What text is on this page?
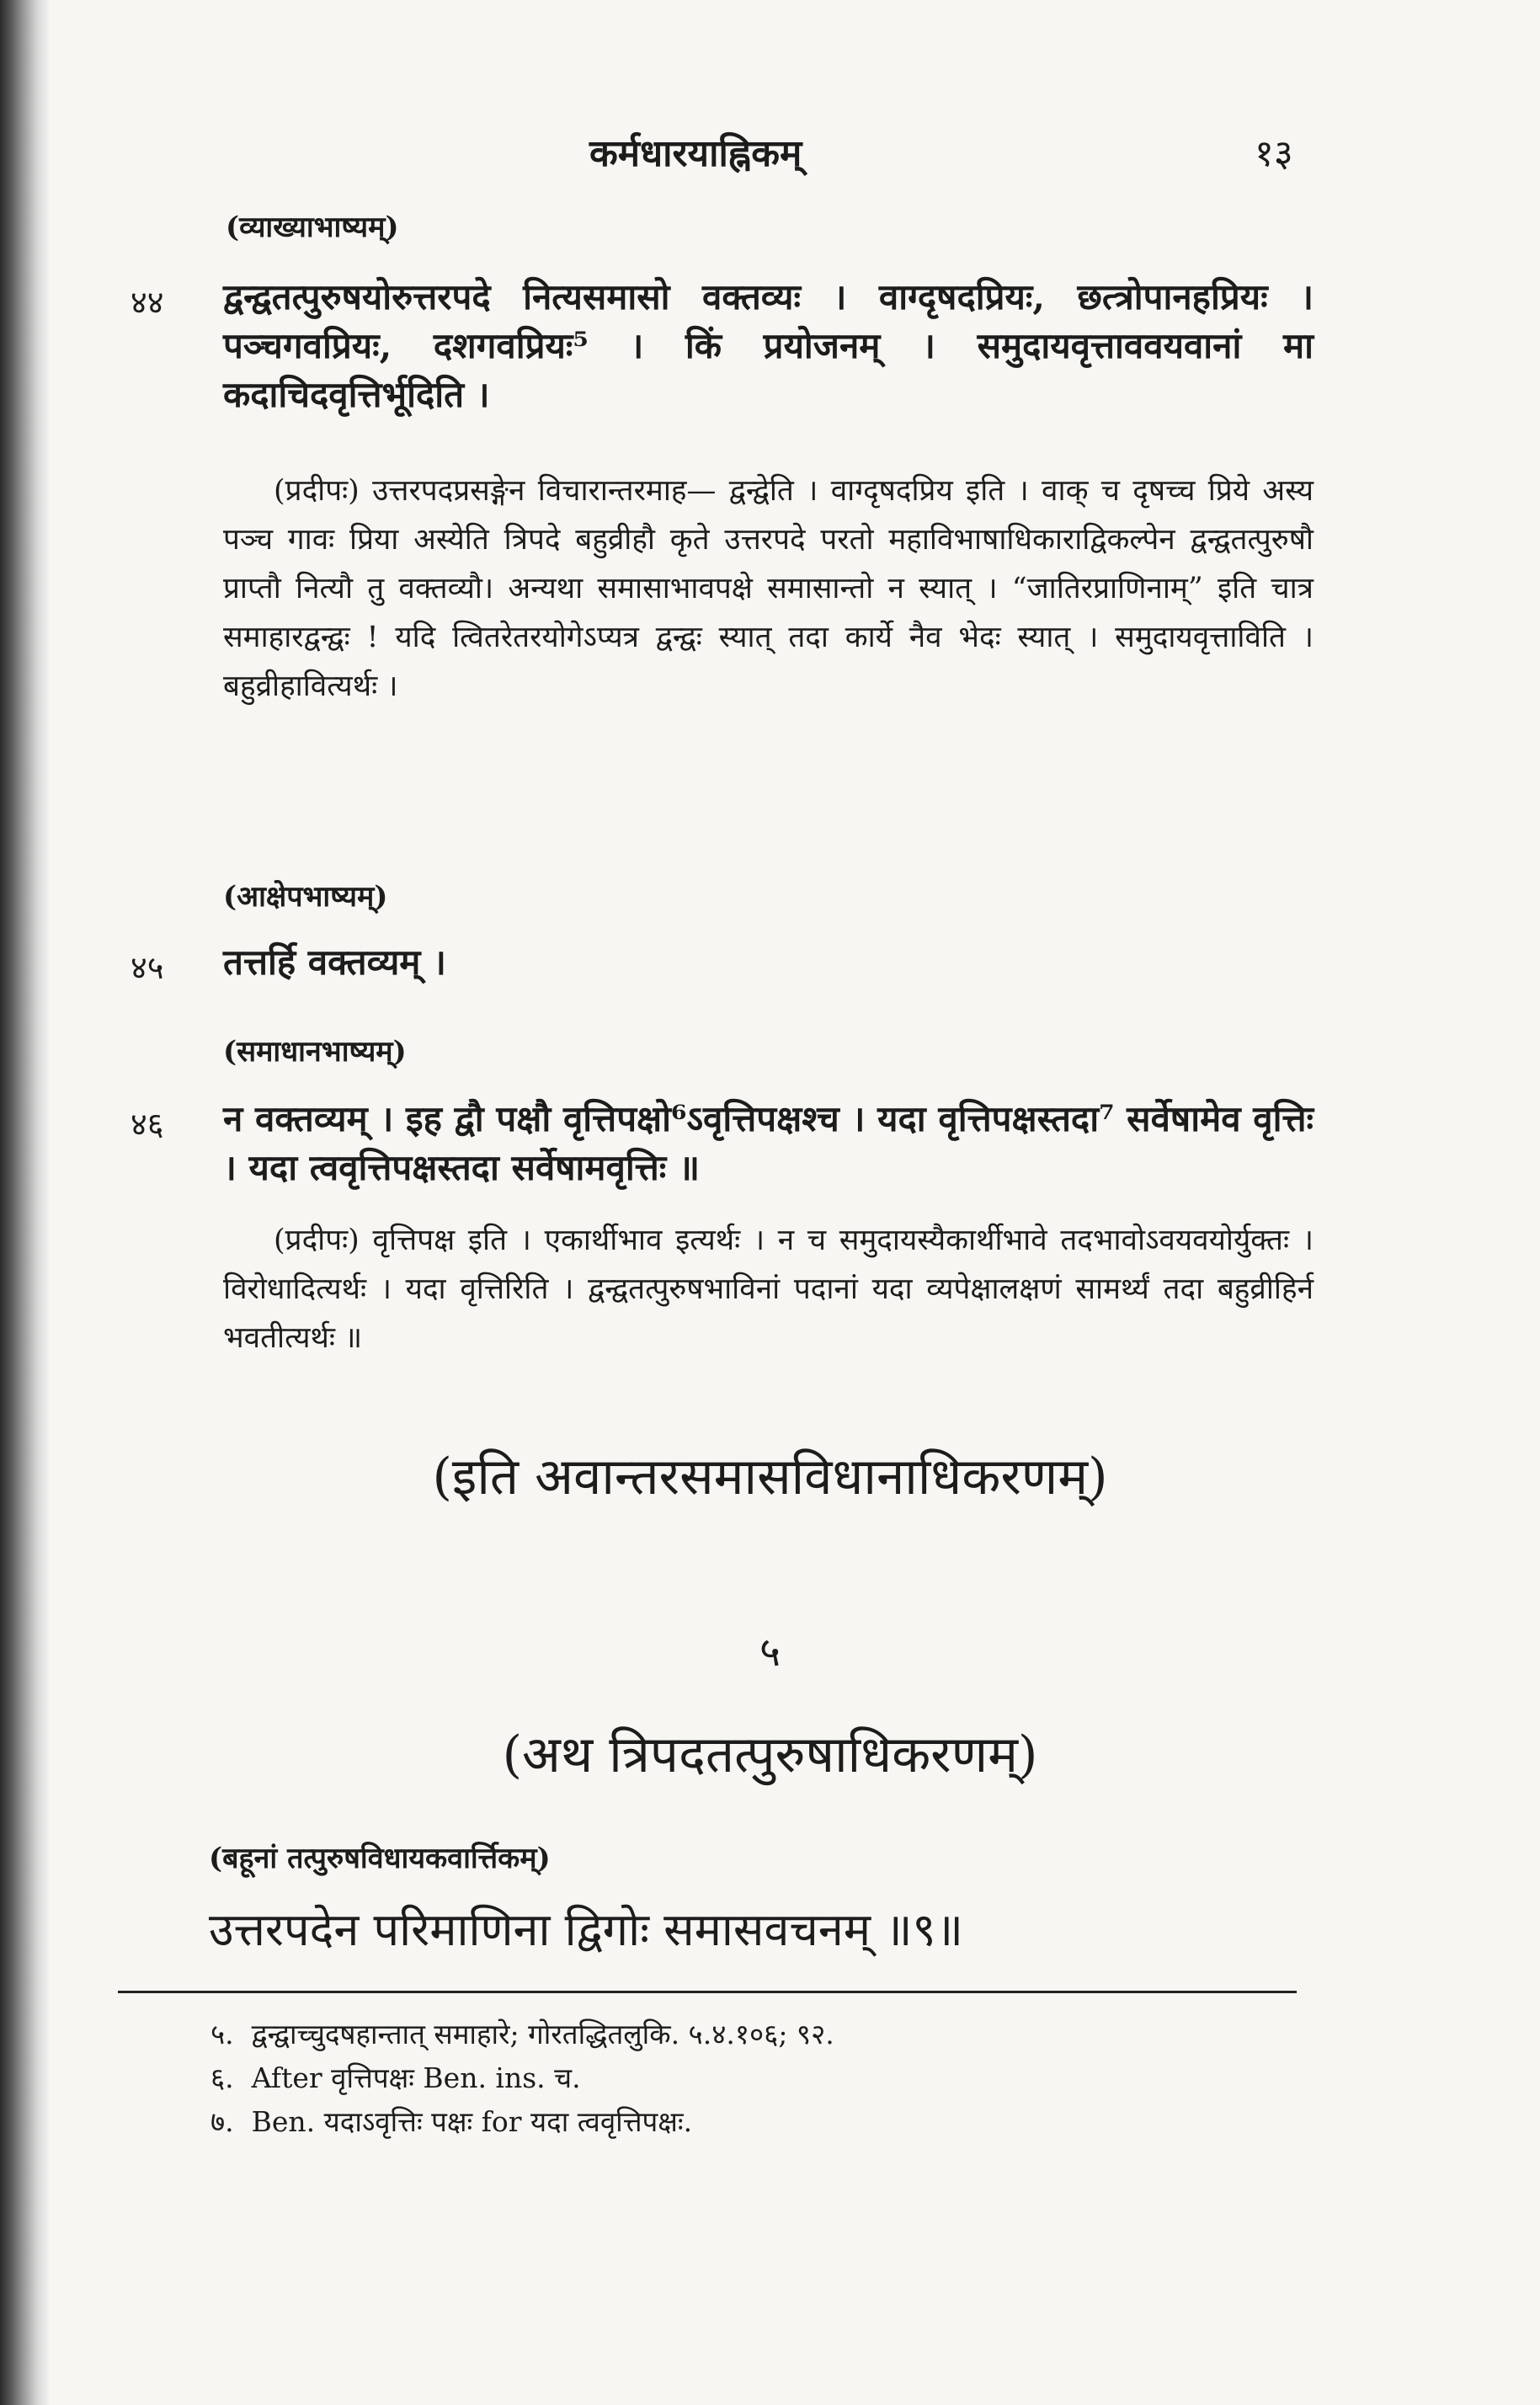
कर्मधारयाह्निकम्	१३
(व्याख्याभाष्यम्)
४४ द्वन्द्वतत्पुरुषयोरुत्तरपदे नित्यसमासो वक्तव्यः । वाग्दृषदप्रियः, छत्त्रोपानहप्रियः । पञ्चगवप्रियः, दशगवप्रियः⁵ । किं प्रयोजनम् । समुदायवृत्ताववयवानां मा कदाचिदवृत्तिर्भूदिति ।
(प्रदीपः) उत्तरपदप्रसङ्गेन विचारान्तरमाह— द्वन्द्वेति । वाग्दृषदप्रिय इति । वाक् च दृषच्च प्रिये अस्य पञ्च गावः प्रिया अस्येति त्रिपदे बहुव्रीहौ कृते उत्तरपदे परतो महाविभाषाधिकाराद्विकल्पेन द्वन्द्वतत्पुरुषौ प्राप्तौ नित्यौ तु वक्तव्यौ। अन्यथा समासाभावपक्षे समासान्तो न स्यात् । “जातिरप्राणिनाम्” इति चात्र समाहारद्वन्द्वः ! यदि त्वितरेतरयोगेऽप्यत्र द्वन्द्वः स्यात् तदा कार्ये नैव भेदः स्यात् । समुदायवृत्ताविति । बहुव्रीहावित्यर्थः ।
(आक्षेपभाष्यम्)
४५ तत्तर्हि वक्तव्यम् ।
(समाधानभाष्यम्)
४६ न वक्तव्यम् । इह द्वौ पक्षौ वृत्तिपक्षो⁶ऽवृत्तिपक्षश्च । यदा वृत्तिपक्षस्तदा⁷ सर्वेषामेव वृत्तिः । यदा त्ववृत्तिपक्षस्तदा सर्वेषामवृत्तिः ॥
(प्रदीपः) वृत्तिपक्ष इति । एकार्थीभाव इत्यर्थः । न च समुदायस्यैकार्थीभावे तदभावोऽवयवयोर्युक्तः । विरोधादित्यर्थः । यदा वृत्तिरिति । द्वन्द्वतत्पुरुषभाविनां पदानां यदा व्यपेक्षालक्षणं सामर्थ्यं तदा बहुव्रीहिर्न भवतीत्यर्थः ॥
(इति अवान्तरसमासविधानाधिकरणम्)
५
(अथ त्रिपदतत्पुरुषाधिकरणम्)
(बहूनां तत्पुरुषविधायकवार्त्तिकम्)
उत्तरपदेन परिमाणिना द्विगोः समासवचनम् ॥९॥
५. द्वन्द्वाच्चुदषहान्तात् समाहारे; गोरतद्धितलुकि. ५.४.१०६; ९२.
६. After वृत्तिपक्षः Ben. ins. च.
७. Ben. यदाऽवृत्तिः पक्षः for यदा त्ववृत्तिपक्षः.
